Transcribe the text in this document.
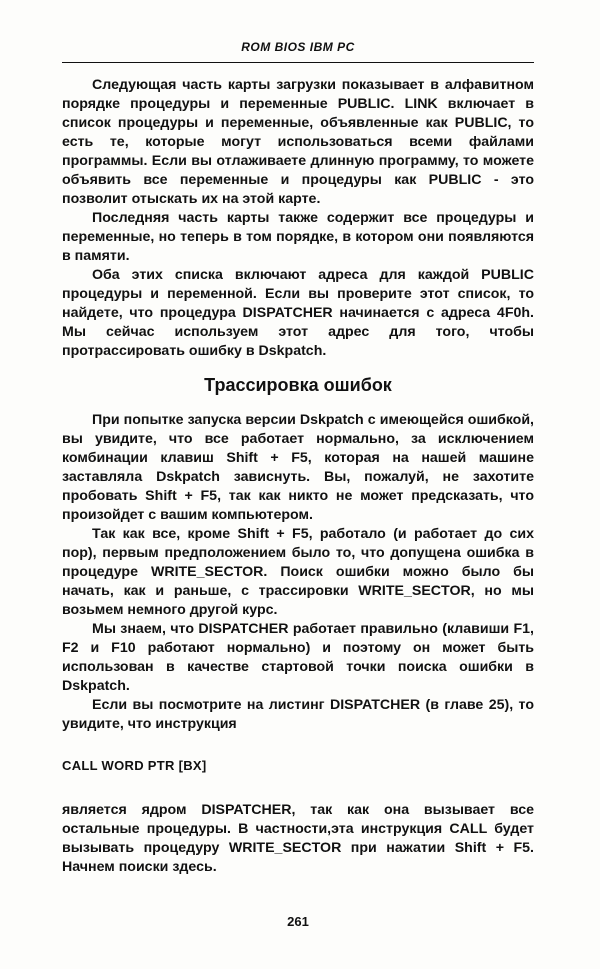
ROM BIOS IBM PC

Следующая часть карты загрузки показывает в алфавитном порядке процедуры и переменные PUBLIC. LINK включает в список процедуры и переменные, объявленные как PUBLIC, то есть те, которые могут использоваться всеми файлами программы. Если вы отлаживаете длинную программу, то можете объявить все переменные и процедуры как PUBLIC - это позволит отыскать их на этой карте.

Последняя часть карты также содержит все процедуры и переменные, но теперь в том порядке, в котором они появляются в памяти.

Оба этих списка включают адреса для каждой PUBLIC процедуры и переменной. Если вы проверите этот список, то найдете, что процедура DISPATCHER начинается с адреса 4F0h. Мы сейчас используем этот адрес для того, чтобы протрассировать ошибку в Dskpatch.

Трассировка ошибок

При попытке запуска версии Dskpatch с имеющейся ошибкой, вы увидите, что все работает нормально, за исключением комбинации клавиш Shift + F5, которая на нашей машине заставляла Dskpatch зависнуть. Вы, пожалуй, не захотите пробовать Shift + F5, так как никто не может предсказать, что произойдет с вашим компьютером.

Так как все, кроме Shift + F5, работало (и работает до сих пор), первым предположением было то, что допущена ошибка в процедуре WRITE_SECTOR. Поиск ошибки можно было бы начать, как и раньше, с трассировки WRITE_SECTOR, но мы возьмем немного другой курс.

Мы знаем, что DISPATCHER работает правильно (клавиши F1, F2 и F10 работают нормально) и поэтому он может быть использован в качестве стартовой точки поиска ошибки в Dskpatch.

Если вы посмотрите на листинг DISPATCHER (в главе 25), то увидите, что инструкция

CALL WORD PTR [BX]

является ядром DISPATCHER, так как она вызывает все остальные процедуры. В частности,эта инструкция CALL будет вызывать процедуру WRITE_SECTOR при нажатии Shift + F5. Начнем поиски здесь.

261
